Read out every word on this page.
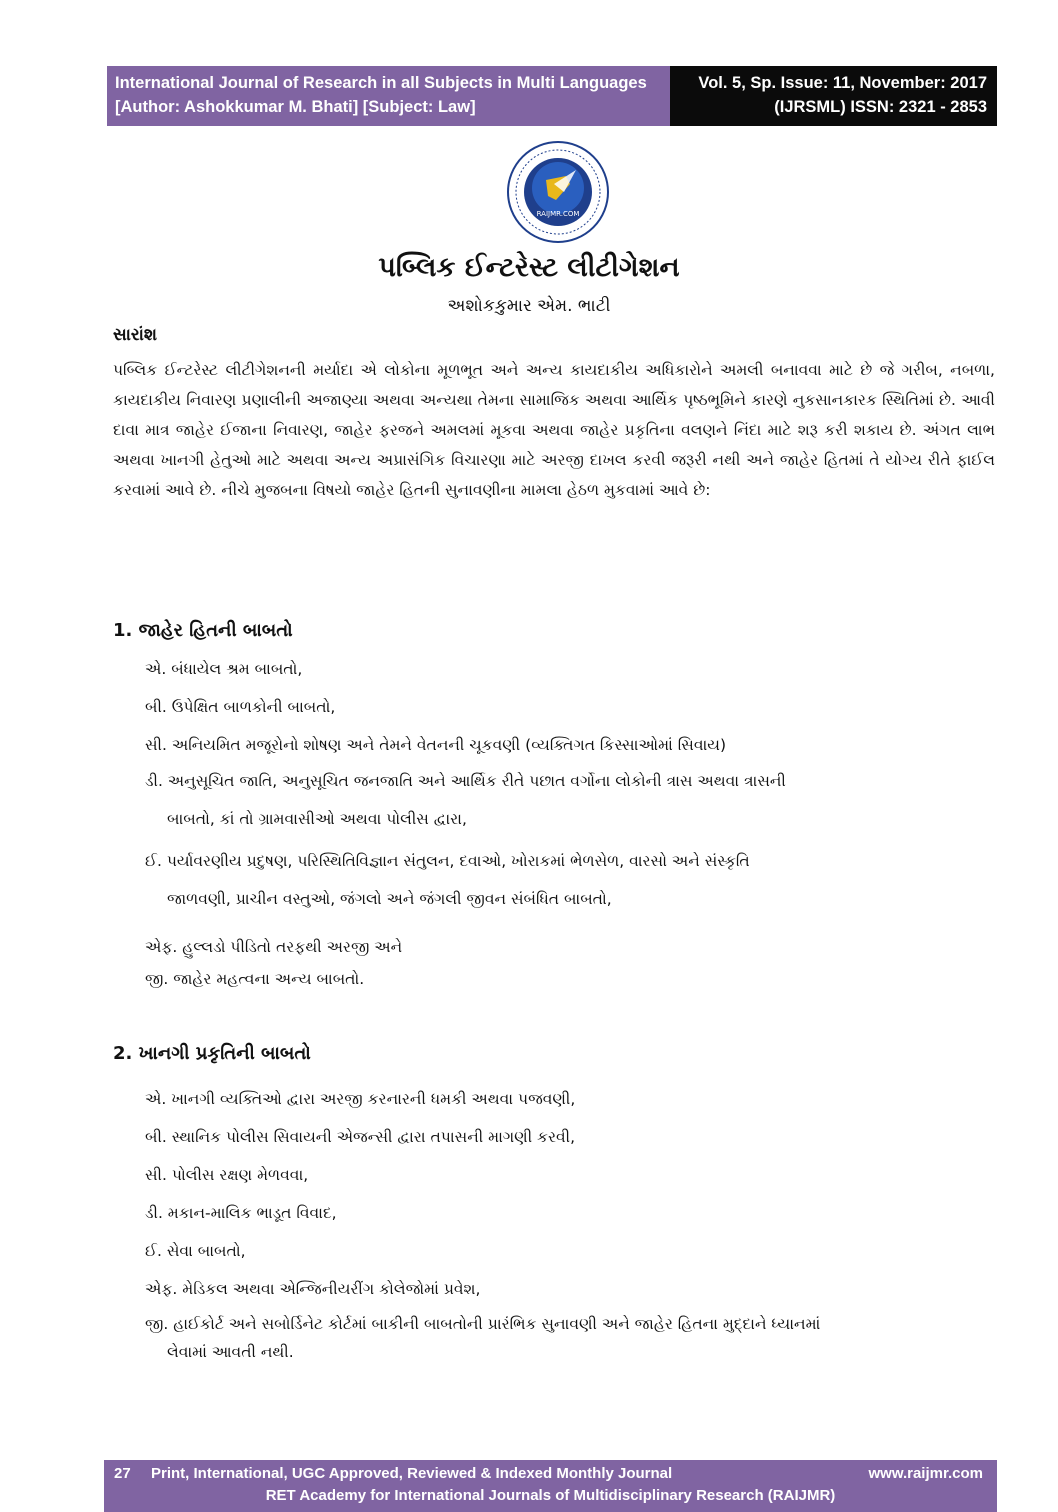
International Journal of Research in all Subjects in Multi Languages
[Author: Ashokkumar M. Bhati] [Subject: Law]
Vol. 5, Sp. Issue: 11, November: 2017
(IJRSML) ISSN: 2321 - 2853
RAIJMR.COM
પબ્લિક ઈન્ટરેસ્ટ લીટીગેશન
અશોકકુમાર એમ. ભાટી
સારાંશ
પબ્લિક ઈન્ટરેસ્ટ લીટીગેશનની મર્યાદા એ લોકોના મૂળભૂત અને અન્ય કાયદાકીય અધિકારોને અમલી બનાવવા માટે છે જે ગરીબ, નબળા, કાયદાકીય નિવારણ પ્રણાલીની અજાણ્યા અથવા અન્યથા તેમના સામાજિક અથવા આર્થિક પૃષ્ઠભૂમિને કારણે નુકસાનકારક સ્થિતિમાં છે. આવી દાવા માત્ર જાહેર ઈજાના નિવારણ, જાહેર ફરજને અમલમાં મૂકવા અથવા જાહેર પ્રકૃતિના વલણને નિંદા માટે શરૂ કરી શકાય છે. અંગત લાભ અથવા ખાનગી હેતુઓ માટે અથવા અન્ય અપ્રાસંગિક વિચારણા માટે અરજી દાખલ કરવી જરૂરી નથી અને જાહેર હિતમાં તે યોગ્ય રીતે ફાઈલ કરવામાં આવે છે. નીચે મુજબના વિષયો જાહેર હિતની સુનાવણીના મામલા હેઠળ મુકવામાં આવે છે:
1. જાહેર હિતની બાબતો
એ. બંધાયેલ શ્રમ બાબતો,
બી. ઉપેક્ષિત બાળકોની બાબતો,
સી. અનિયમિત મજૂરોનો શોષણ અને તેમને વેતનની ચૂકવણી (વ્યક્તિગત કિસ્સાઓમાં સિવાય)
ડી. અનુસૂચિત જાતિ, અનુસૂચિત જનજાતિ અને આર્થિક રીતે પછાત વર્ગોના લોકોની ત્રાસ અથવા ત્રાસની
બાબતો, કાં તો ગ્રામવાસીઓ અથવા પોલીસ દ્વારા,
ઈ. પર્યાવરણીય પ્રદુષણ, પરિસ્થિતિવિજ્ઞાન સંતુલન, દવાઓ, ખોરાકમાં ભેળસેળ, વારસો અને સંસ્કૃતિ
જાળવણી, પ્રાચીન વસ્તુઓ, જંગલો અને જંગલી જીવન સંબંધિત બાબતો,
એફ. હુલ્લડો પીડિતો તરફથી અરજી અને
જી. જાહેર મહત્વના અન્ય બાબતો.
2. ખાનગી પ્રકૃતિની બાબતો
એ. ખાનગી વ્યક્તિઓ દ્વારા અરજી કરનારની ધમકી અથવા પજવણી,
બી. સ્થાનિક પોલીસ સિવાયની એજન્સી દ્વારા તપાસની માગણી કરવી,
સી. પોલીસ રક્ષણ મેળવવા,
ડી. મકાન-માલિક ભાડૂત વિવાદ,
ઈ. સેવા બાબતો,
એફ. મેડિકલ અથવા એન્જિનીયરીંગ કોલેજોમાં પ્રવેશ,
જી. હાઈકોર્ટ અને સબોર્ડિનેટ કોર્ટમાં બાકીની બાબતોની પ્રારંભિક સુનાવણી અને જાહેર હિતના મુદ્દાને ધ્યાનમાં
લેવામાં આવતી નથી.
27 Print, International, UGC Approved, Reviewed & Indexed Monthly Journal	www.raijmr.com
RET Academy for International Journals of Multidisciplinary Research (RAIJMR)
